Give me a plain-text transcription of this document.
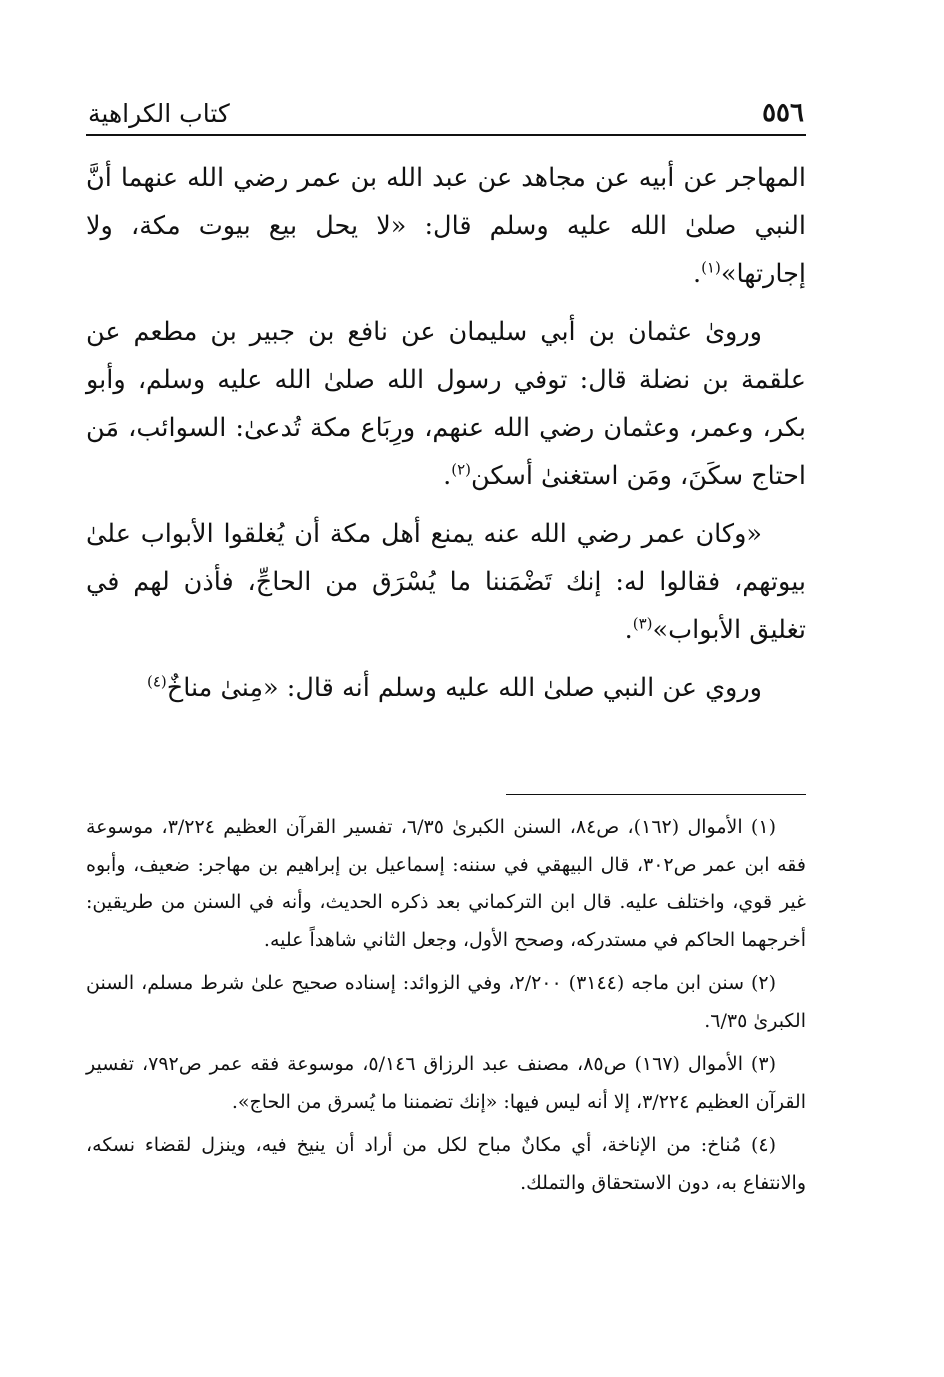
٥٥٦
كتاب الكراهية

المهاجر عن أبيه عن مجاهد عن عبد الله بن عمر رضي الله عنهما أنَّ النبي صلىٰ الله عليه وسلم قال: «لا يحل بيع بيوت مكة، ولا إجارتها»$^{(١)}$.

وروىٰ عثمان بن أبي سليمان عن نافع بن جبير بن مطعم عن علقمة بن نضلة قال: توفي رسول الله صلىٰ الله عليه وسلم، وأبو بكر، وعمر، وعثمان رضي الله عنهم، ورِبَاع مكة تُدعىٰ: السوائب، مَن احتاج سكَنَ، ومَن استغنىٰ أسكن$^{(٢)}$.

«وكان عمر رضي الله عنه يمنع أهل مكة أن يُغلقوا الأبواب علىٰ بيوتهم، فقالوا له: إنك تَضْمَننا ما يُسْرَق من الحاجِّ، فأذن لهم في تغليق الأبواب»$^{(٣)}$.

وروي عن النبي صلىٰ الله عليه وسلم أنه قال: «مِنىٰ مناخٌ$^{(٤)}$

(١) الأموال (١٦٢)، ص٨٤، السنن الكبرىٰ ٦/٣٥، تفسير القرآن العظيم ٣/٢٢٤، موسوعة فقه ابن عمر ص٣٠٢، قال البيهقي في سننه: إسماعيل بن إبراهيم بن مهاجر: ضعيف، وأبوه غير قوي، واختلف عليه. قال ابن التركماني بعد ذكره الحديث، وأنه في السنن من طريقين: أخرجهما الحاكم في مستدركه، وصحح الأول، وجعل الثاني شاهداً عليه.

(٢) سنن ابن ماجه (٣١٤٤) ٢/٢٠٠، وفي الزوائد: إسناده صحيح علىٰ شرط مسلم، السنن الكبرىٰ ٦/٣٥.

(٣) الأموال (١٦٧) ص٨٥، مصنف عبد الرزاق ٥/١٤٦، موسوعة فقه عمر ص٧٩٢، تفسير القرآن العظيم ٣/٢٢٤، إلا أنه ليس فيها: «إنك تضمننا ما يُسرق من الحاج».

(٤) مُناخ: من الإناخة، أي مكانٌ مباح لكل من أراد أن ينيخ فيه، وينزل لقضاء نسكه، والانتفاع به، دون الاستحقاق والتملك.
